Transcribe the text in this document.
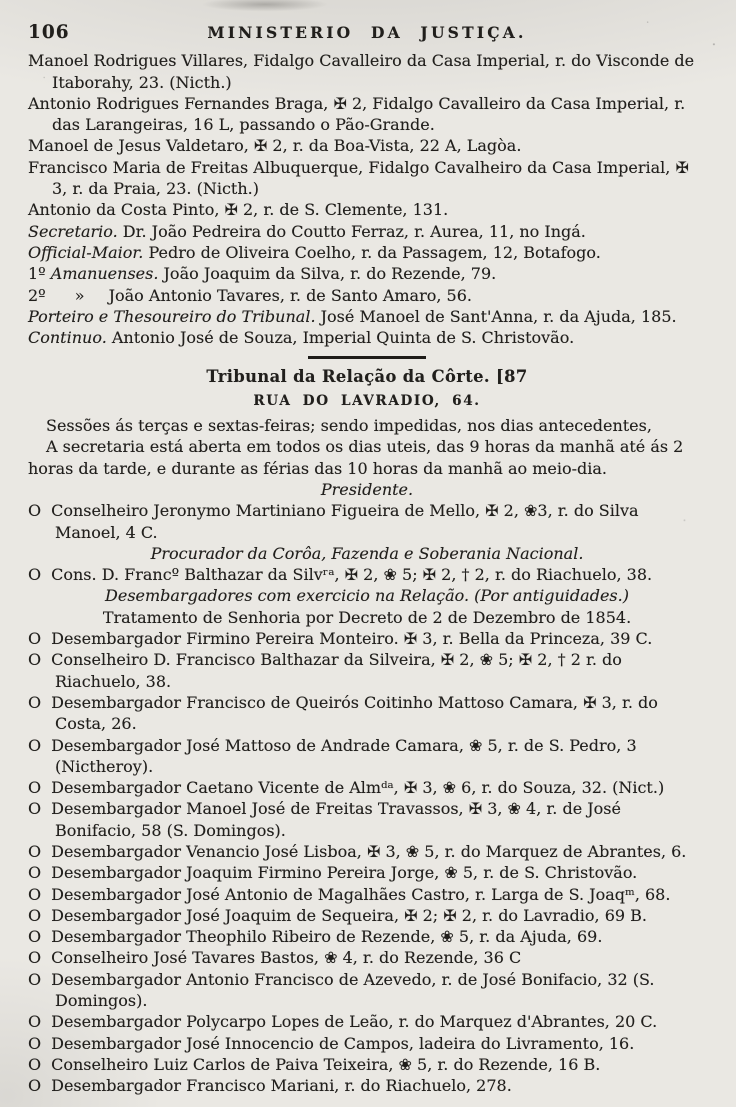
106	MINISTERIO DA JUSTIÇA.

Manoel Rodrigues Villares, Fidalgo Cavalleiro da Casa Imperial, r. do Visconde de Itaborahy, 23. (Nicth.)

Antonio Rodrigues Fernandes Braga, ✠ 2, Fidalgo Cavalleiro da Casa Imperial, r. das Larangeiras, 16 L, passando o Pão-Grande.

Manoel de Jesus Valdetaro, ✠ 2, r. da Boa-Vista, 22 A, Lagòa.

Francisco Maria de Freitas Albuquerque, Fidalgo Cavalheiro da Casa Imperial, ✠ 3, r. da Praia, 23. (Nicth.)

Antonio da Costa Pinto, ✠ 2, r. de S. Clemente, 131.

Secretario. Dr. João Pedreira do Coutto Ferraz, r. Aurea, 11, no Ingá.

Official-Maior. Pedro de Oliveira Coelho, r. da Passagem, 12, Botafogo.

1º Amanuenses. João Joaquim da Silva, r. do Rezende, 79.

2º  »  João Antonio Tavares, r. de Santo Amaro, 56.

Porteiro e Thesoureiro do Tribunal. José Manoel de Sant'Anna, r. da Ajuda, 185.

Continuo. Antonio José de Souza, Imperial Quinta de S. Christovão.

Tribunal da Relação da Côrte. [87

RUA DO LAVRADIO, 64.

Sessões ás terças e sextas-feiras; sendo impedidas, nos dias antecedentes,

A secretaria está aberta em todos os dias uteis, das 9 horas da manhã até ás 2 horas da tarde, e durante as férias das 10 horas da manhã ao meio-dia.

Presidente.

O Conselheiro Jeronymo Martiniano Figueira de Mello, ✠ 2, ❀3, r. do Silva Manoel, 4 C.

Procurador da Corôa, Fazenda e Soberania Nacional.

O Cons. D. Francº Balthazar da Silvʳᵃ, ✠ 2, ❀ 5; ✠ 2, † 2, r. do Riachuelo, 38.

Desembargadores com exercicio na Relação. (Por antiguidades.)

Tratamento de Senhoria por Decreto de 2 de Dezembro de 1854.

O Desembargador Firmino Pereira Monteiro. ✠ 3, r. Bella da Princeza, 39 C.

O Conselheiro D. Francisco Balthazar da Silveira, ✠ 2, ❀ 5; ✠ 2, † 2 r. do Riachuelo, 38.

O Desembargador Francisco de Queirós Coitinho Mattoso Camara, ✠ 3, r. do Costa, 26.

O Desembargador José Mattoso de Andrade Camara, ❀ 5, r. de S. Pedro, 3 (Nictheroy).

O Desembargador Caetano Vicente de Almᵈᵃ, ✠ 3, ❀ 6, r. do Souza, 32. (Nict.)

O Desembargador Manoel José de Freitas Travassos, ✠ 3, ❀ 4, r. de José Bonifacio, 58 (S. Domingos).

O Desembargador Venancio José Lisboa, ✠ 3, ❀ 5, r. do Marquez de Abrantes, 6.

O Desembargador Joaquim Firmino Pereira Jorge, ❀ 5, r. de S. Christovão.

O Desembargador José Antonio de Magalhães Castro, r. Larga de S. Joaqᵐ, 68.

O Desembargador José Joaquim de Sequeira, ✠ 2; ✠ 2, r. do Lavradio, 69 B.

O Desembargador Theophilo Ribeiro de Rezende, ❀ 5, r. da Ajuda, 69.

O Conselheiro José Tavares Bastos, ❀ 4, r. do Rezende, 36 C

O Desembargador Antonio Francisco de Azevedo, r. de José Bonifacio, 32 (S. Domingos).

O Desembargador Polycarpo Lopes de Leão, r. do Marquez d'Abrantes, 20 C.

O Desembargador José Innocencio de Campos, ladeira do Livramento, 16.

O Conselheiro Luiz Carlos de Paiva Teixeira, ❀ 5, r. do Rezende, 16 B.

O Desembargador Francisco Mariani, r. do Riachuelo, 278.
